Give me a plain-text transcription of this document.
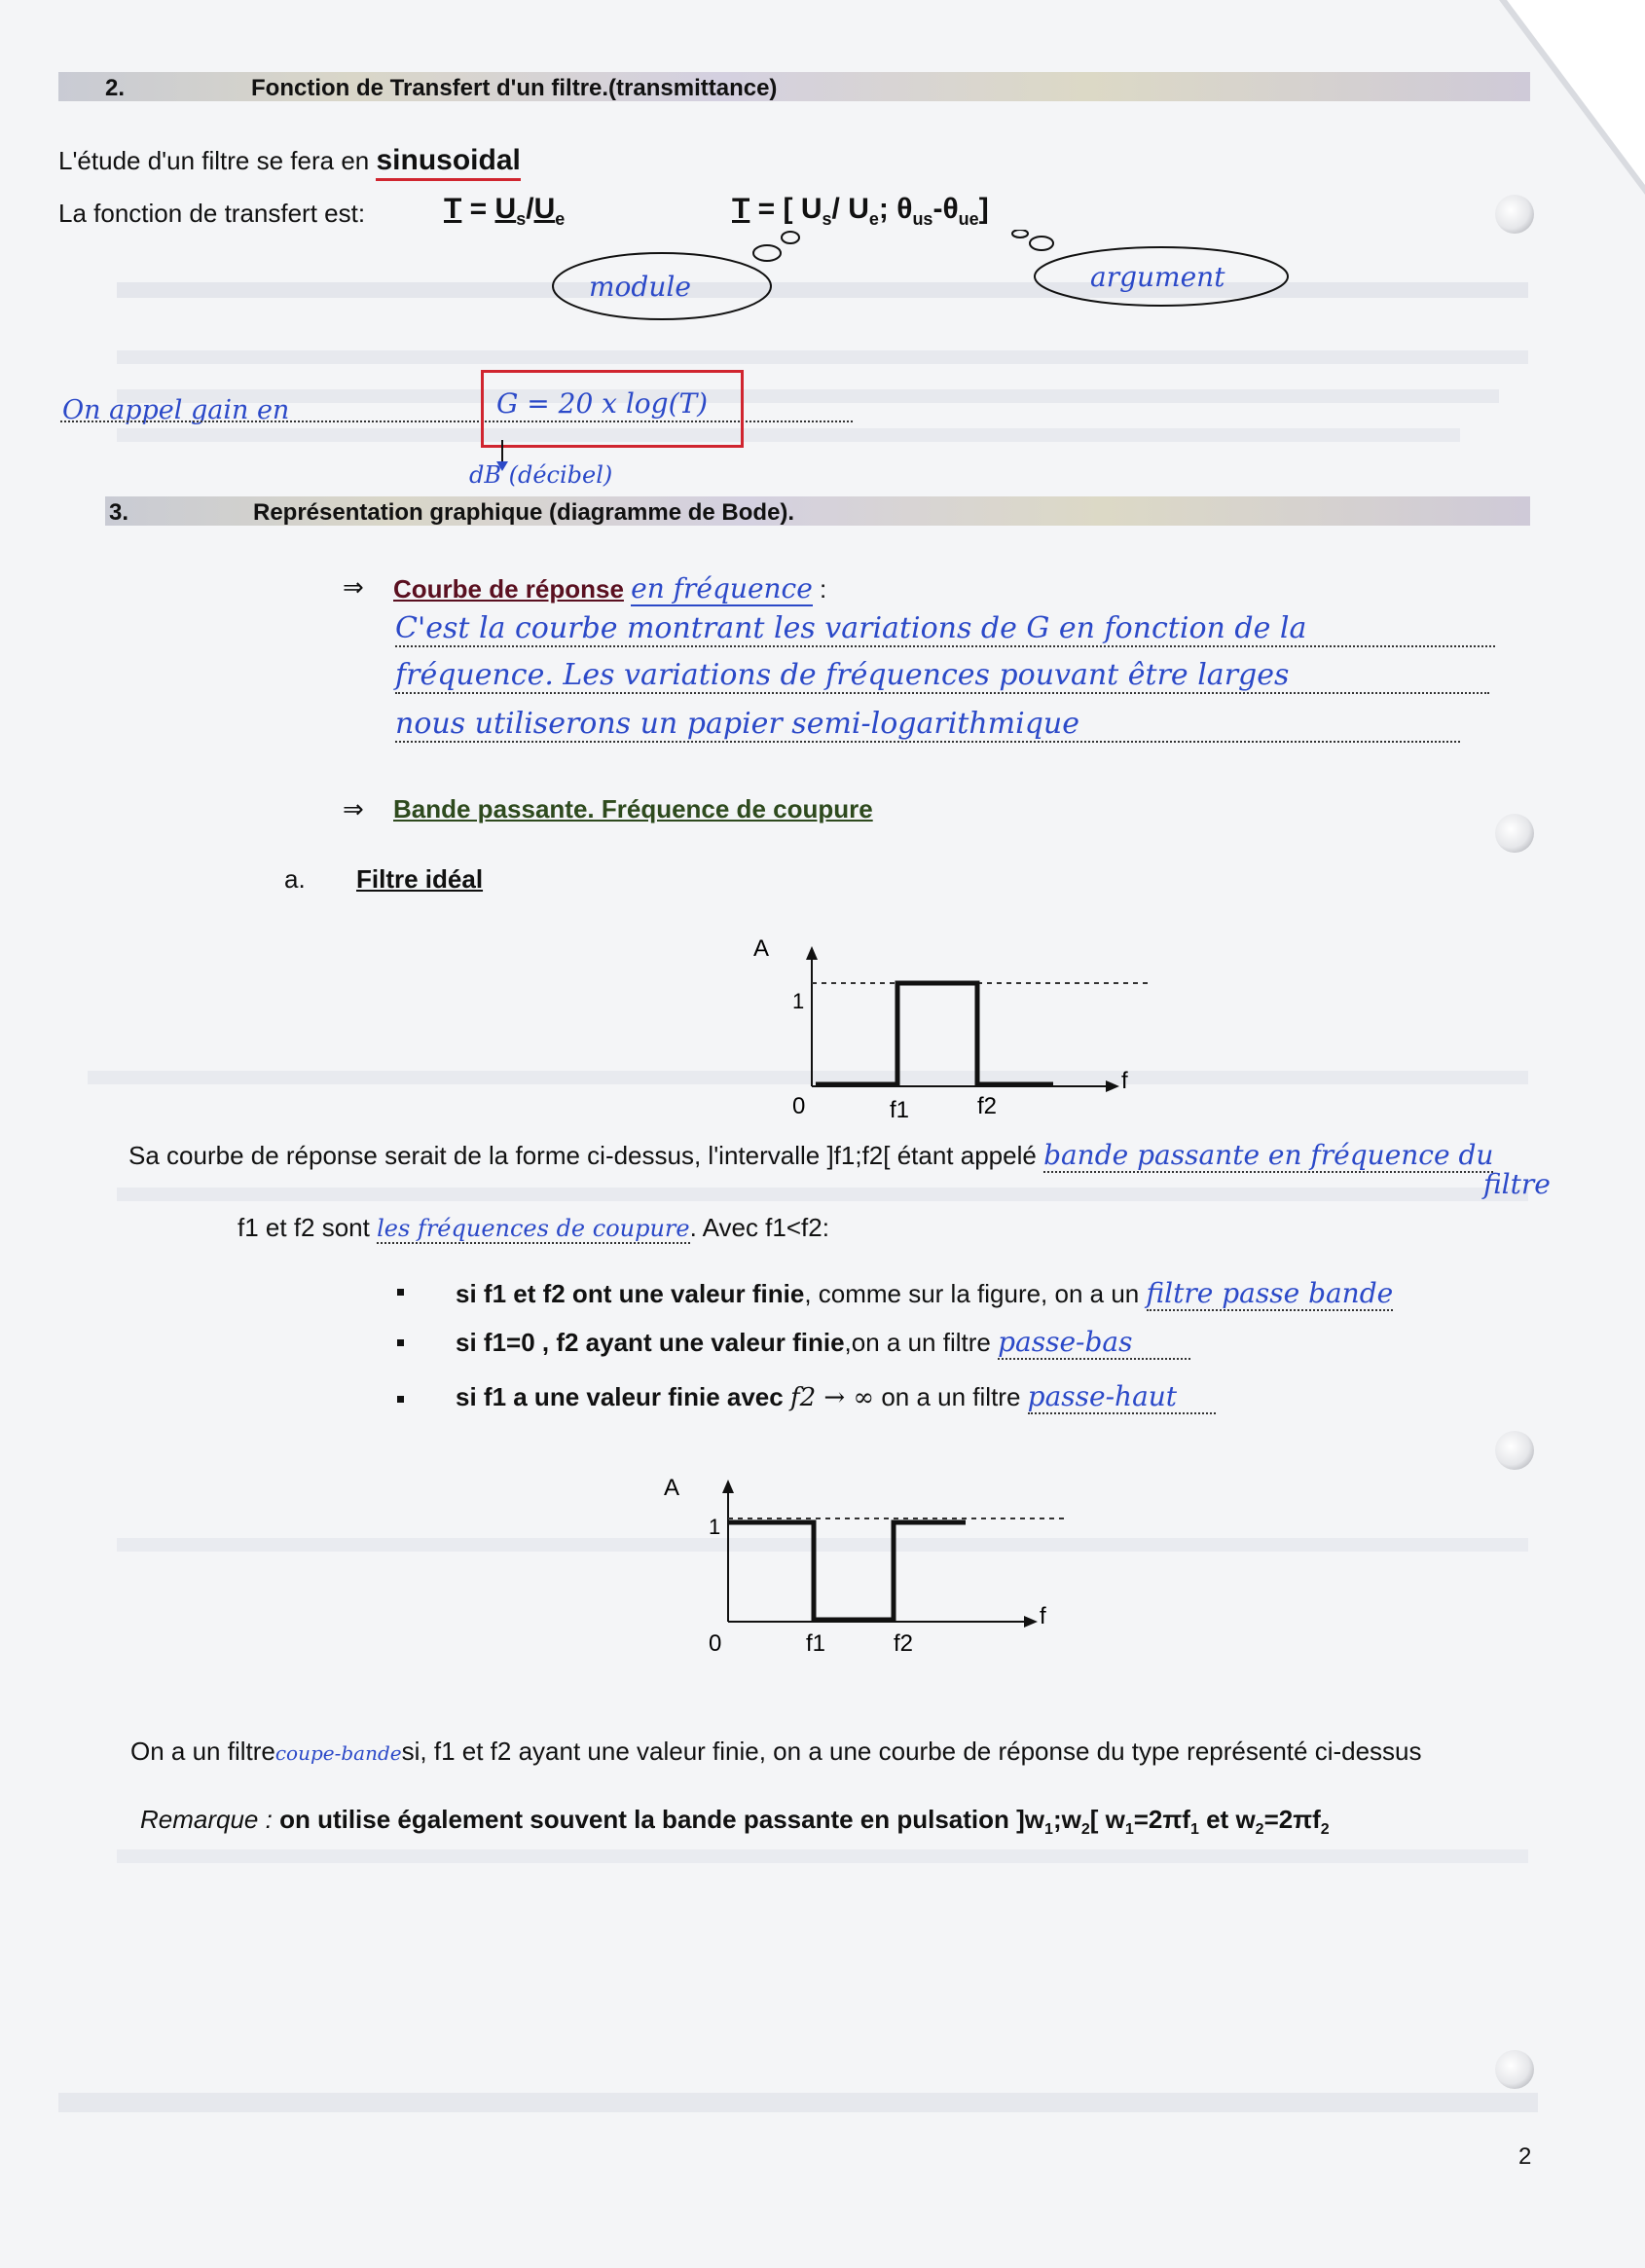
2.	Fonction de Transfert d'un filtre.(transmittance)
L'étude d'un filtre se fera en sinusoidal
La fonction de transfert est:	$T = U_s/U_e$	T = [ $U_s/$ $U_e$; $\theta_{us}-\theta_{ue}$]
module	argument
On appel gain en	G = 20 x log(T)
dB (décibel)
3.	Représentation graphique (diagramme de Bode).
⇒ Courbe de réponse en fréquence :
C'est la courbe montrant les variations de G en fonction de la
fréquence. Les variations de fréquences pouvant être larges
nous utiliserons un papier semi-logarithmique
⇒ Bande passante. Fréquence de coupure
a. Filtre idéal
A
1
0	f1	f2
f
Sa courbe de réponse serait de la forme ci-dessus, l'intervalle ]f1;f2[ étant appelé bande passante en fréquence du
filtre
f1 et f2 sont les fréquences de coupure. Avec f1<f2:
si f1 et f2 ont une valeur finie, comme sur la figure, on a un filtre passe bande
si f1=0 , f2 ayant une valeur finie,on a un filtre passe-bas
si f1 a une valeur finie avec f2 → ∞ on a un filtre passe-haut
A
1
0	f1	f2
f
On a un filtrecoupe-bandesi, f1 et f2 ayant une valeur finie, on a une courbe de réponse du type représenté ci-dessus
Remarque : on utilise également souvent la bande passante en pulsation ]$w_1;w_2$[ $w_1=2\pi f_1$ et $w_2=2\pi f_2$
2
